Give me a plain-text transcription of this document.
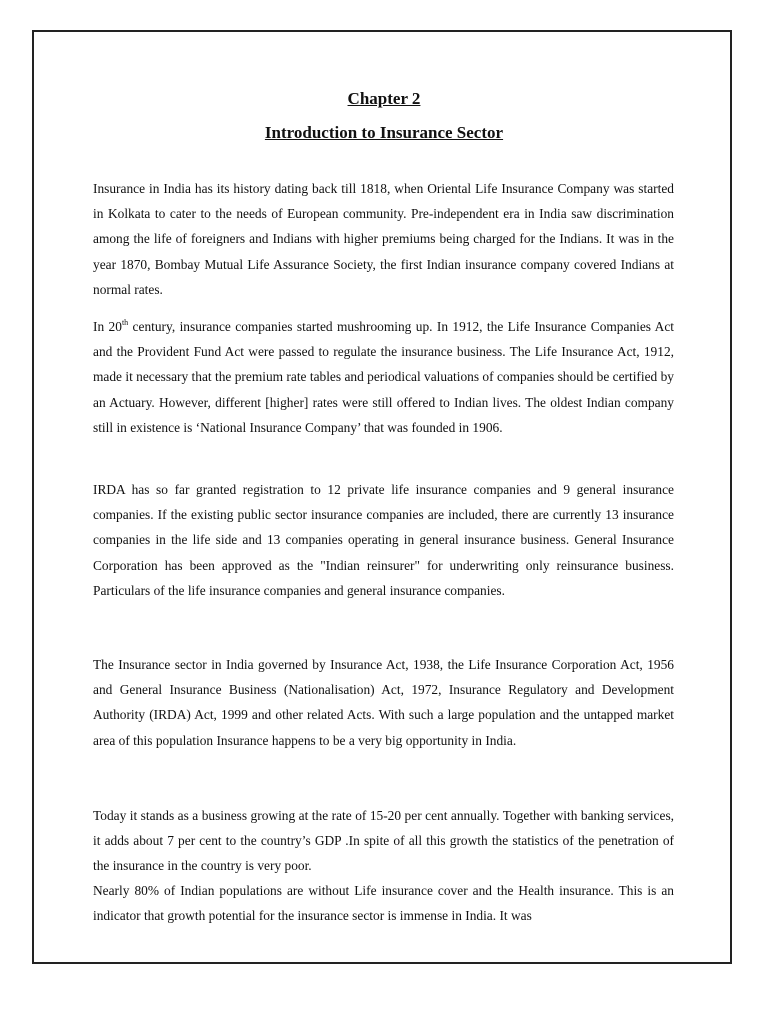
Chapter 2
Introduction to Insurance Sector

Insurance in India has its history dating back till 1818, when Oriental Life Insurance Company was started in Kolkata to cater to the needs of European community. Pre-independent era in India saw discrimination among the life of foreigners and Indians with higher premiums being charged for the Indians. It was in the year 1870, Bombay Mutual Life Assurance Society, the first Indian insurance company covered Indians at normal rates.

In 20th century, insurance companies started mushrooming up. In 1912, the Life Insurance Companies Act and the Provident Fund Act were passed to regulate the insurance business. The Life Insurance Act, 1912, made it necessary that the premium rate tables and periodical valuations of companies should be certified by an Actuary. However, different [higher] rates were still offered to Indian lives. The oldest Indian company still in existence is ‘National Insurance Company’ that was founded in 1906.

IRDA has so far granted registration to 12 private life insurance companies and 9 general insurance companies. If the existing public sector insurance companies are included, there are currently 13 insurance companies in the life side and 13 companies operating in general insurance business. General Insurance Corporation has been approved as the "Indian reinsurer" for underwriting only reinsurance business. Particulars of the life insurance companies and general insurance companies.

The Insurance sector in India governed by Insurance Act, 1938, the Life Insurance Corporation Act, 1956 and General Insurance Business (Nationalisation) Act, 1972, Insurance Regulatory and Development Authority (IRDA) Act, 1999 and other related Acts. With such a large population and the untapped market area of this population Insurance happens to be a very big opportunity in India.

Today it stands as a business growing at the rate of 15-20 per cent annually. Together with banking services, it adds about 7 per cent to the country’s GDP .In spite of all this growth the statistics of the penetration of the insurance in the country is very poor.

Nearly 80% of Indian populations are without Life insurance cover and the Health insurance. This is an indicator that growth potential for the insurance sector is immense in India. It was
